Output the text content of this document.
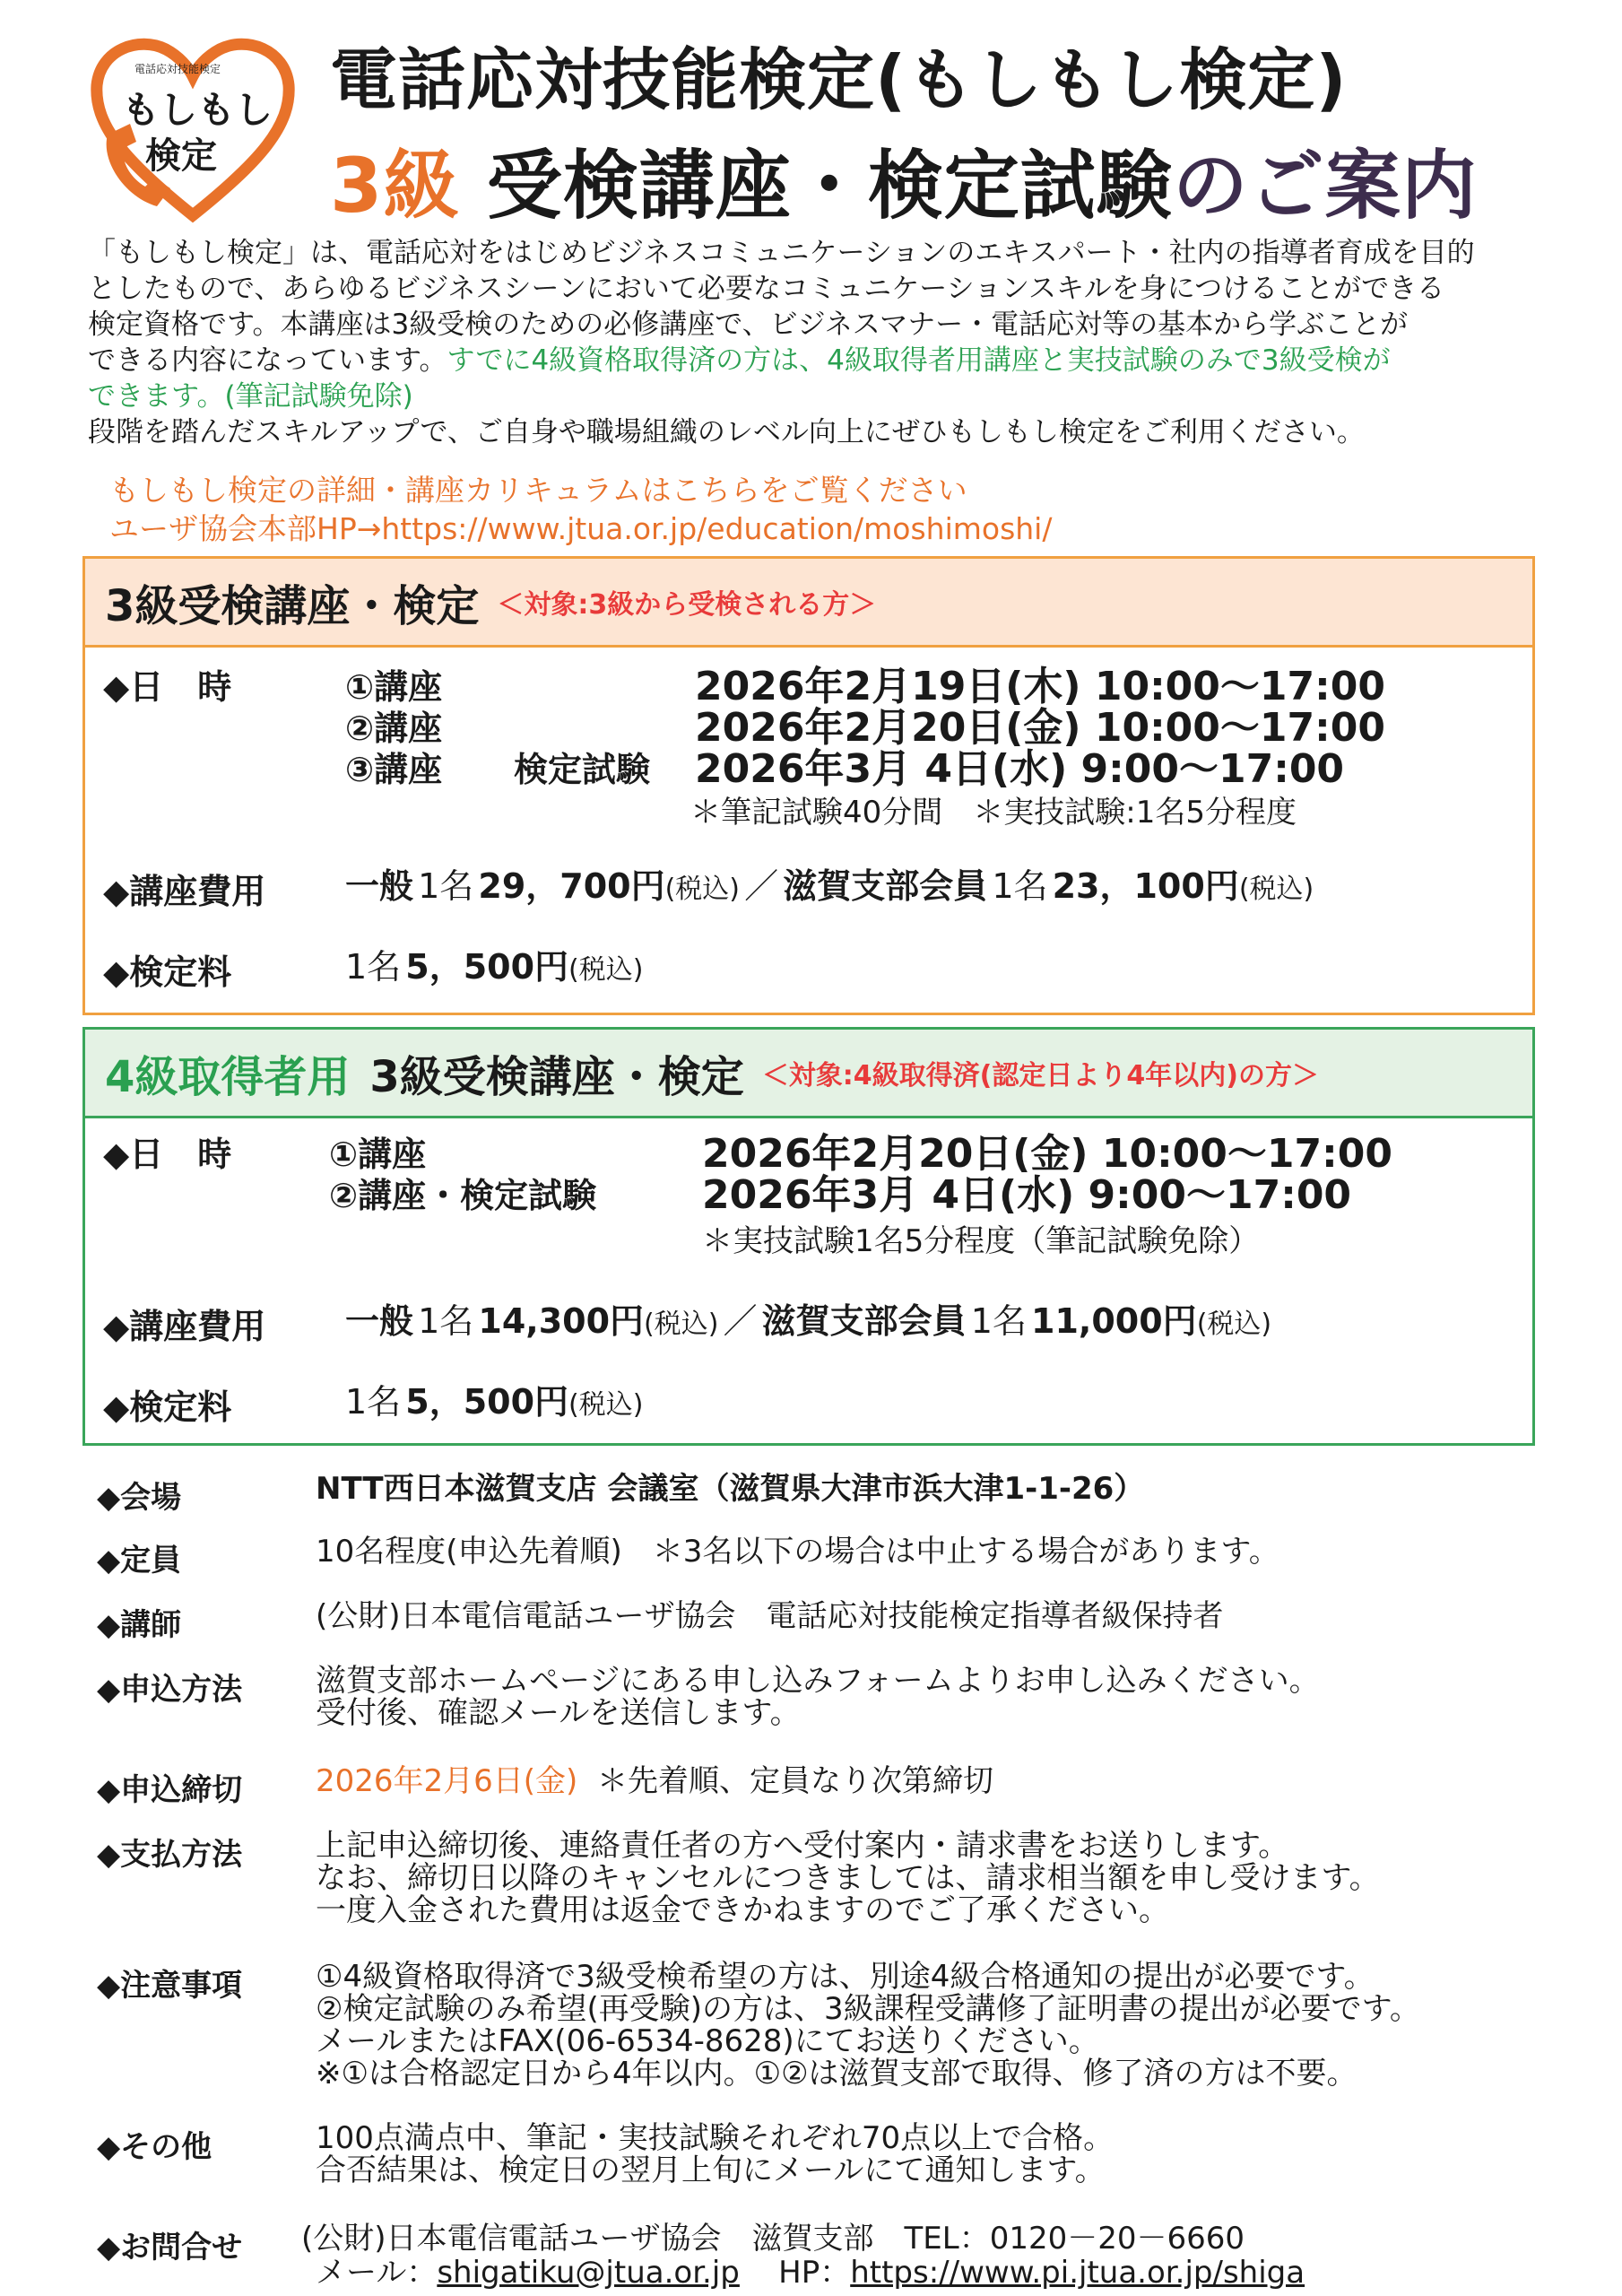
電話応対技能検定
もしもし
検定
電話応対技能検定(もしもし検定)
3級 受検講座・検定試験のご案内

「もしもし検定」は、電話応対をはじめビジネスコミュニケーションのエキスパート・社内の指導者育成を目的

としたもので、あらゆるビジネスシーンにおいて必要なコミュニケーションスキルを身につけることができる

検定資格です。本講座は3級受検のための必修講座で、ビジネスマナー・電話応対等の基本から学ぶことが

できる内容になっています。すでに4級資格取得済の方は、4級取得者用講座と実技試験のみで3級受検が

できます。(筆記試験免除)

段階を踏んだスキルアップで、ご自身や職場組織のレベル向上にぜひもしもし検定をご利用ください。

もしもし検定の詳細・講座カリキュラムはこちらをご覧ください
ユーザ協会本部HP→https://www.jtua.or.jp/education/moshimoshi/
3級受検講座・検定 ＜対象:3級から受検される方＞
◆日　時	①講座	2026年2月19日(木) 10:00～17:00
②講座	2026年2月20日(金) 10:00～17:00
③講座 検定試験 2026年3月 4日(水) 9:00～17:00
＊筆記試験40分間　＊実技試験:1名5分程度
◆講座費用 一般 1名 29，700円(税込) ／ 滋賀支部会員 1名 23，100円(税込)
◆検定料	1名 5，500円(税込)
4級取得者用 3級受検講座・検定 ＜対象:4級取得済(認定日より4年以内)の方＞
◆日　時	①講座	2026年2月20日(金) 10:00～17:00
②講座・検定試験	2026年3月 4日(水) 9:00～17:00
＊実技試験1名5分程度（筆記試験免除）
◆講座費用 一般 1名 14,300円(税込) ／ 滋賀支部会員 1名 11,000円(税込)
◆検定料	1名 5，500円(税込)
◆会場	NTT西日本滋賀支店 会議室（滋賀県大津市浜大津1-1-26）
◆定員	10名程度(申込先着順)　＊3名以下の場合は中止する場合があります。
◆講師	(公財)日本電信電話ユーザ協会　電話応対技能検定指導者級保持者
◆申込方法 滋賀支部ホームページにある申し込みフォームよりお申し込みください。

受付後、確認メールを送信します。

◆申込締切 2026年2月6日(金) ＊先着順、定員なり次第締切
◆支払方法 上記申込締切後、連絡責任者の方へ受付案内・請求書をお送りします。

なお、締切日以降のキャンセルにつきましては、請求相当額を申し受けます。

一度入金された費用は返金できかねますのでご了承ください。

◆注意事項 ①4級資格取得済で3級受検希望の方は、別途4級合格通知の提出が必要です。

②検定試験のみ希望(再受験)の方は、3級課程受講修了証明書の提出が必要です。

メールまたはFAX(06-6534-8628)にてお送りください。

※①は合格認定日から4年以内。①②は滋賀支部で取得、修了済の方は不要。

◆その他	100点満点中、筆記・実技試験それぞれ70点以上で合格。

合否結果は、検定日の翌月上旬にメールにて通知します。

◆お問合せ (公財)日本電信電話ユーザ協会　滋賀支部　TEL：0120－20－6660
メール：shigatiku@jtua.or.jp HP：https://www.pi.jtua.or.jp/shiga
